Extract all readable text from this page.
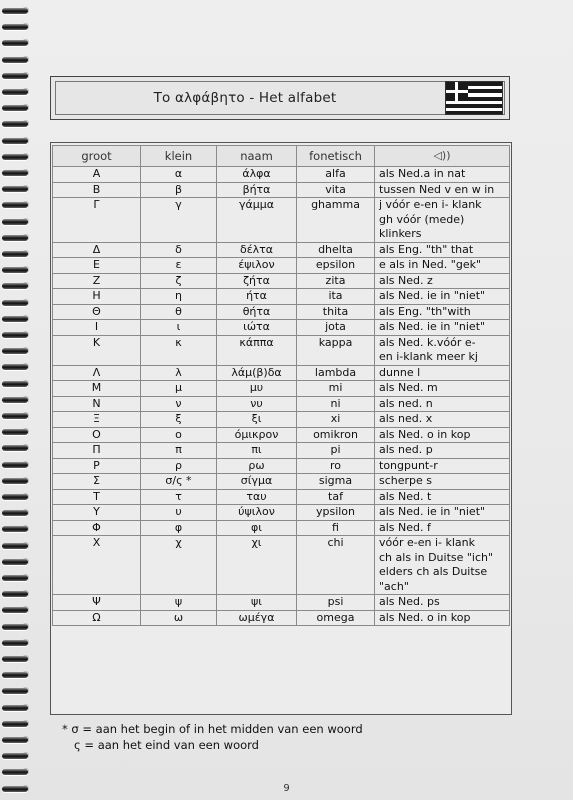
Το αλφάβητο - Het alfabet
groot	klein	naam	fonetisch	◁))
Α	α	άλφα	alfa	als Ned.a in nat

Β	β	βήτα	vita	tussen Ned v en w in

Γ	γ	γάμμα	ghamma	j vóór e-en i- klank
gh vóór (mede)
klinkers

Δ	δ	δέλτα	dhelta	als Eng. "th" that

Ε	ε	έψιλον	epsilon	e als in Ned. "gek"

Ζ	ζ	ζήτα	zita	als Ned. z

Η	η	ήτα	ita	als Ned. ie in "niet"

Θ	θ	θήτα	thita	als Eng. "th"with

Ι	ι	ιώτα	jota	als Ned. ie in "niet"

Κ	κ	κάππα	kappa	als Ned. k.vóór e-
en i-klank meer kj

Λ	λ	λάμ(β)δα	lambda	dunne l

Μ	μ	μυ	mi	als Ned. m

Ν	ν	νυ	ni	als ned. n

Ξ	ξ	ξι	xi	als ned. x

Ο	ο	όμικρον	omikron	als Ned. o in kop

Π	π	πι	pi	als ned. p

Ρ	ρ	ρω	ro	tongpunt-r

Σ	σ/ς *	σίγμα	sigma	scherpe s

Τ	τ	ταυ	taf	als Ned. t

Υ	υ	ύψιλον	ypsilon	als Ned. ie in "niet"

Φ	φ	φι	fi	als Ned. f

Χ	χ	χι	chi	vóór e-en i- klank
ch als in Duitse "ich"
elders ch als Duitse
"ach"

Ψ	ψ	ψι	psi	als Ned. ps

Ω	ω	ωμέγα	omega	als Ned. o in kop
* σ = aan het begin of in het midden van een woord
ς = aan het eind van een woord
9
